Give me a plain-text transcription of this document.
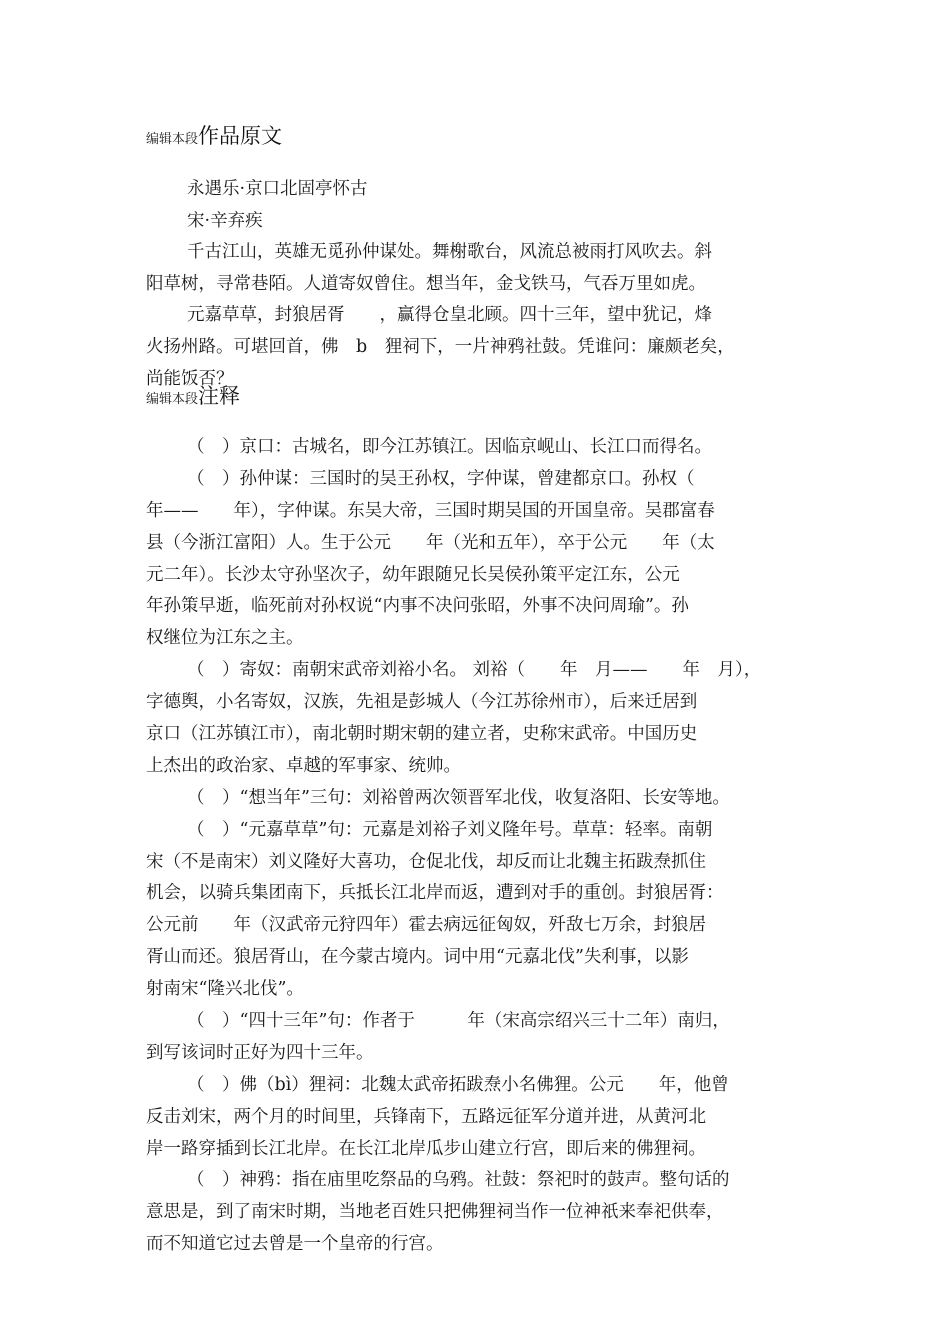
编辑本段作品原文
永遇乐·京口北固亭怀古
宋·辛弃疾
千古江山，英雄无觅孙仲谋处。舞榭歌台，风流总被雨打风吹去。斜
阳草树，寻常巷陌。人道寄奴曾住。想当年，金戈铁马，气吞万里如虎。
元嘉草草，封狼居胥　　，赢得仓皇北顾。四十三年，望中犹记，烽
火扬州路。可堪回首，佛　b　狸祠下，一片神鸦社鼓。凭谁问：廉颇老矣，
尚能饭否？
编辑本段注释
（　）京口：古城名，即今江苏镇江。因临京岘山、长江口而得名。
（　）孙仲谋：三国时的吴王孙权，字仲谋，曾建都京口。孙权（
年——　　年），字仲谋。东吴大帝，三国时期吴国的开国皇帝。吴郡富春
县（今浙江富阳）人。生于公元　　年（光和五年），卒于公元　　年（太
元二年）。长沙太守孙坚次子，幼年跟随兄长吴侯孙策平定江东，公元
年孙策早逝，临死前对孙权说“内事不决问张昭，外事不决问周瑜”。孙
权继位为江东之主。
（　）寄奴：南朝宋武帝刘裕小名。 刘裕（　　年　月——　　年　月），
字德舆，小名寄奴，汉族，先祖是彭城人（今江苏徐州市），后来迁居到
京口（江苏镇江市），南北朝时期宋朝的建立者，史称宋武帝。中国历史
上杰出的政治家、卓越的军事家、统帅。
（　）“想当年”三句：刘裕曾两次领晋军北伐，收复洛阳、长安等地。
（　）“元嘉草草”句：元嘉是刘裕子刘义隆年号。草草：轻率。南朝
宋（不是南宋）刘义隆好大喜功，仓促北伐，却反而让北魏主拓跋焘抓住
机会，以骑兵集团南下，兵抵长江北岸而返，遭到对手的重创。封狼居胥：
公元前　　年（汉武帝元狩四年）霍去病远征匈奴，歼敌七万余，封狼居
胥山而还。狼居胥山，在今蒙古境内。词中用“元嘉北伐”失利事，以影
射南宋“隆兴北伐”。
（　）“四十三年”句：作者于　　　年（宋高宗绍兴三十二年）南归，
到写该词时正好为四十三年。
（　）佛（bì）狸祠：北魏太武帝拓跋焘小名佛狸。公元　　年，他曾
反击刘宋，两个月的时间里，兵锋南下，五路远征军分道并进，从黄河北
岸一路穿插到长江北岸。在长江北岸瓜步山建立行宫，即后来的佛狸祠。
（　）神鸦：指在庙里吃祭品的乌鸦。社鼓：祭祀时的鼓声。整句话的
意思是，到了南宋时期，当地老百姓只把佛狸祠当作一位神祇来奉祀供奉，
而不知道它过去曾是一个皇帝的行宫。
